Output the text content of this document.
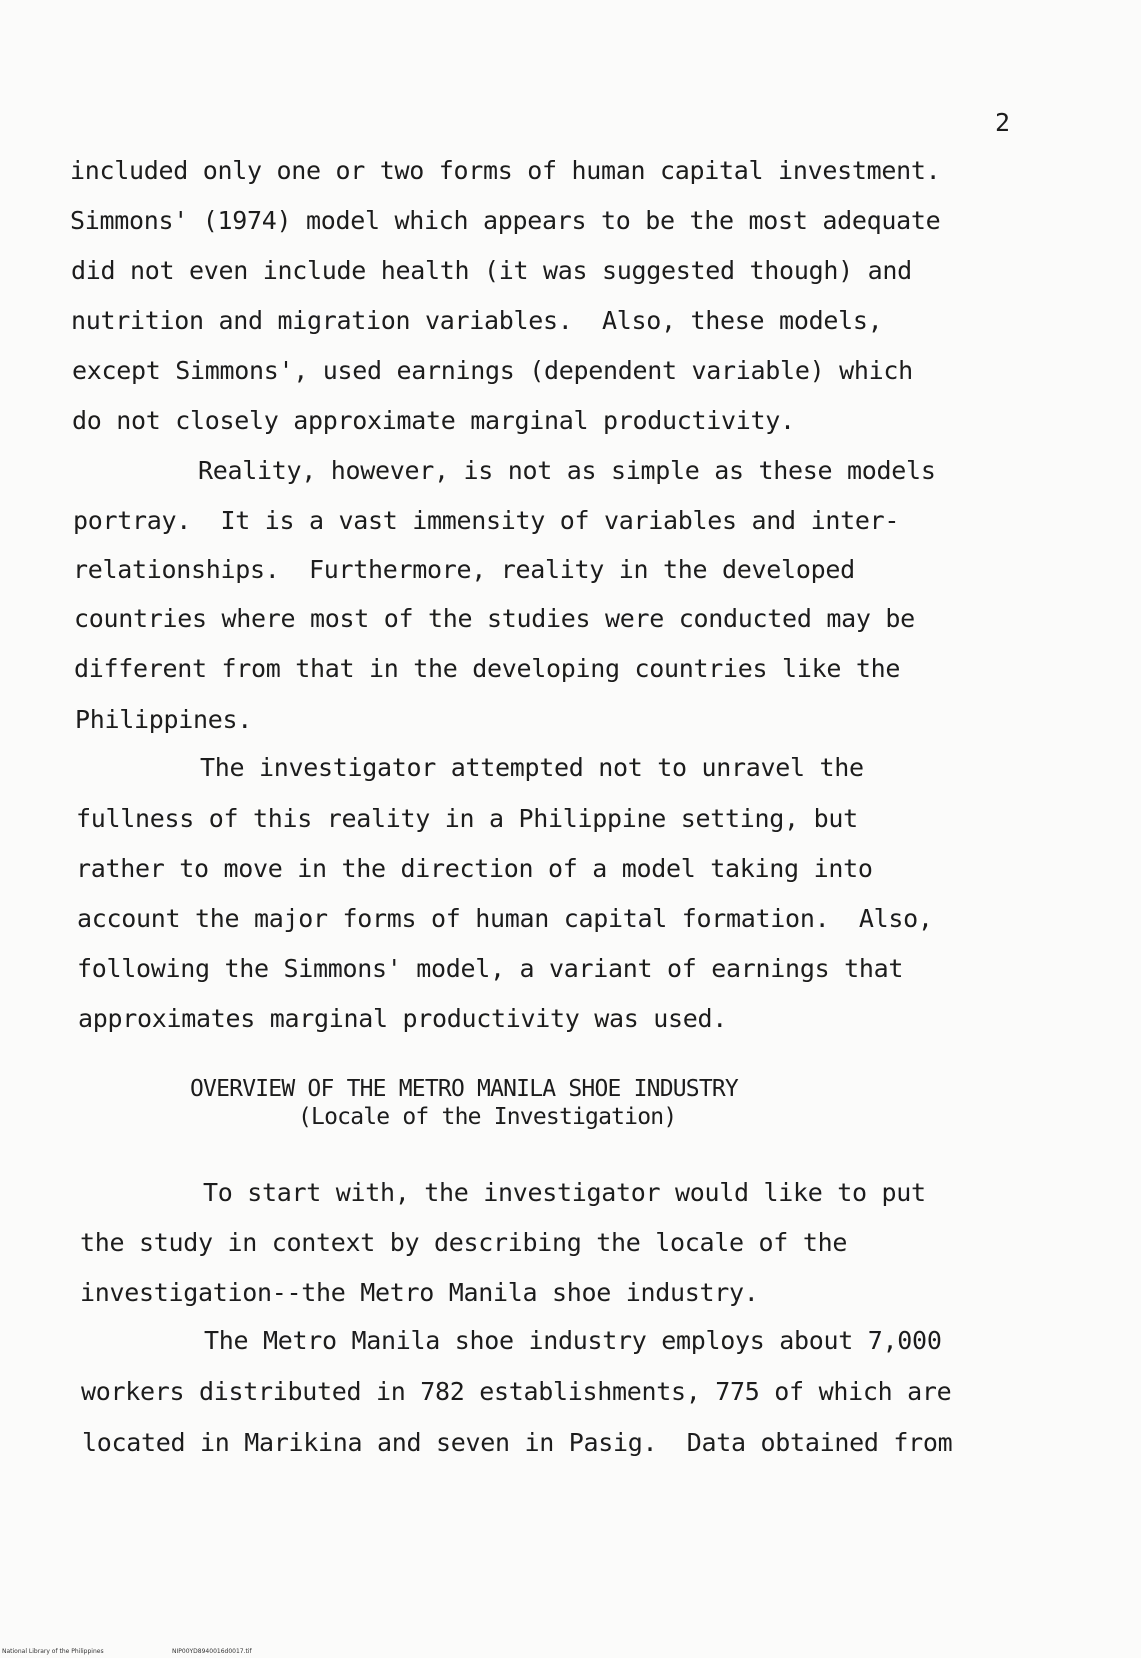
2
included only one or two forms of human capital investment.
Simmons' (1974) model which appears to be the most adequate
did not even include health (it was suggested though) and
nutrition and migration variables.  Also, these models,
except Simmons', used earnings (dependent variable) which
do not closely approximate marginal productivity.
Reality, however, is not as simple as these models
portray.  It is a vast immensity of variables and inter-
relationships.  Furthermore, reality in the developed
countries where most of the studies were conducted may be
different from that in the developing countries like the
Philippines.
The investigator attempted not to unravel the
fullness of this reality in a Philippine setting, but
rather to move in the direction of a model taking into
account the major forms of human capital formation.  Also,
following the Simmons' model, a variant of earnings that
approximates marginal productivity was used.
OVERVIEW OF THE METRO MANILA SHOE INDUSTRY
(Locale of the Investigation)
To start with, the investigator would like to put
the study in context by describing the locale of the
investigation--the Metro Manila shoe industry.
The Metro Manila shoe industry employs about 7,000
workers distributed in 782 establishments, 775 of which are
located in Marikina and seven in Pasig.  Data obtained from
National Library of the Philippines	NIP00YD8940016d0017.tif
